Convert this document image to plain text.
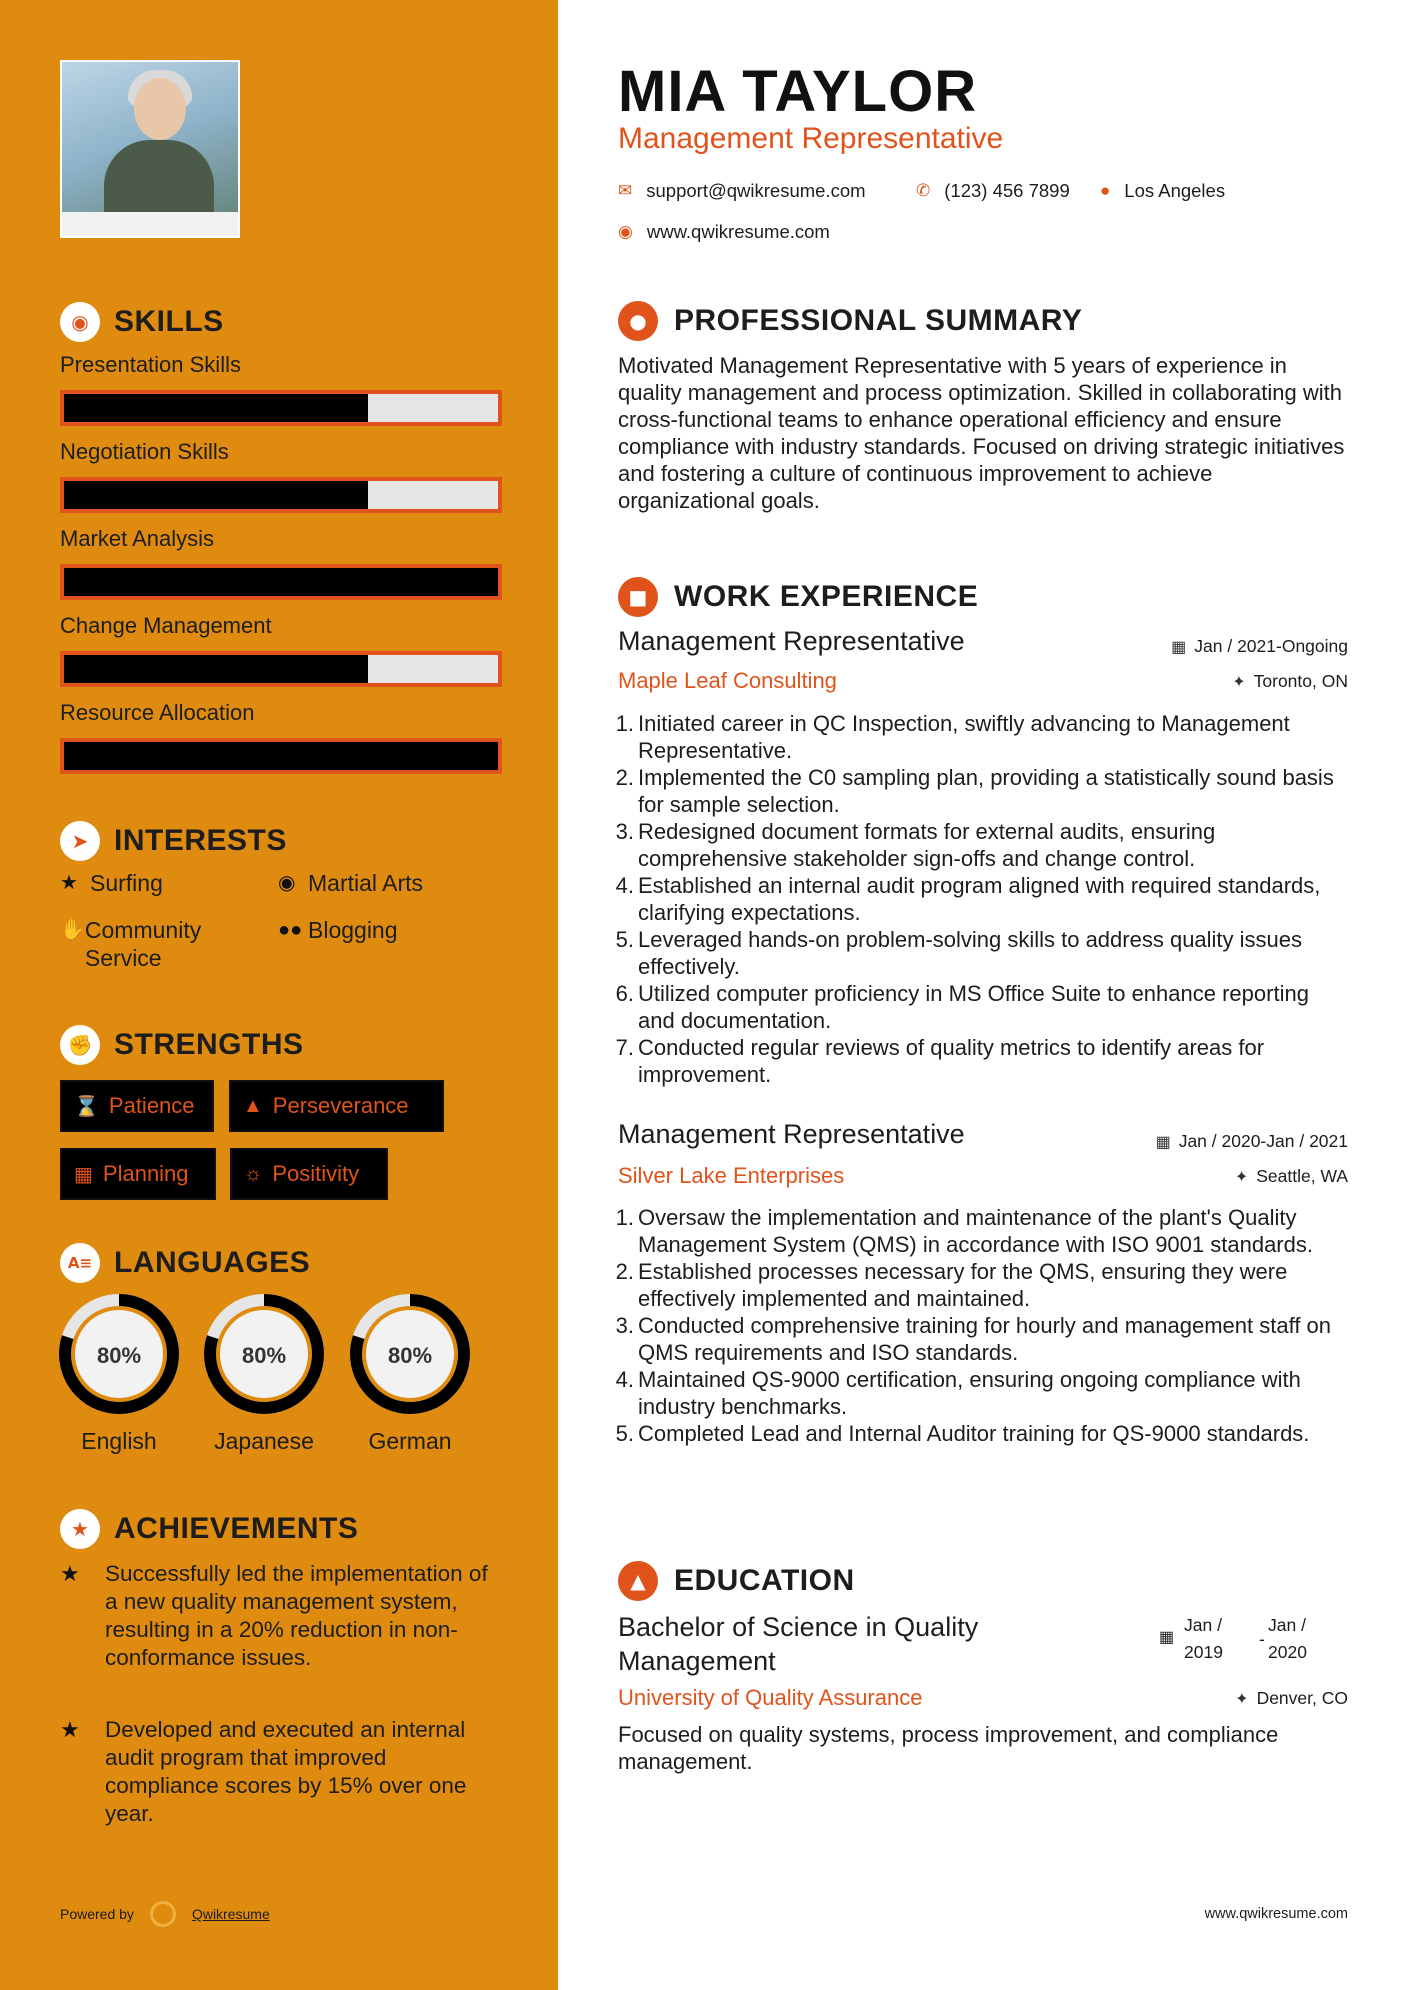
◉ SKILLS
Presentation Skills
Negotiation Skills
Market Analysis
Change Management
Resource Allocation
➤ INTERESTS
★ Surfing	◉ Martial Arts
✋ Community Service
●● Blogging
✊ STRENGTHS
⌛ Patience ▲ Perseverance
▦ Planning	☼ Positivity
A≡ LANGUAGES
80%
English
80%
Japanese
80%
German
★ ACHIEVEMENTS
★	Successfully led the implementation of a new quality management system, resulting in a 20% reduction in non-conformance issues.
★	Developed and executed an internal audit program that improved compliance scores by 15% over one year.
Powered by	Qwikresume
MIA TAYLOR
Management Representative
✉ support@qwikresume.com	✆ (123) 456 7899 ● Los Angeles
◉ www.qwikresume.com
● PROFESSIONAL SUMMARY
Motivated Management Representative with 5 years of experience in quality management and process optimization. Skilled in collaborating with cross-functional teams to enhance operational efficiency and ensure compliance with industry standards. Focused on driving strategic initiatives and fostering a culture of continuous improvement to achieve organizational goals.
■ WORK EXPERIENCE
Management Representative	▦ Jan / 2021-Ongoing
Maple Leaf Consulting	✦ Toronto, ON
1. Initiated career in QC Inspection, swiftly advancing to Management Representative.
2. Implemented the C0 sampling plan, providing a statistically sound basis for sample selection.
3. Redesigned document formats for external audits, ensuring comprehensive stakeholder sign-offs and change control.
4. Established an internal audit program aligned with required standards, clarifying expectations.
5. Leveraged hands-on problem-solving skills to address quality issues effectively.
6. Utilized computer proficiency in MS Office Suite to enhance reporting and documentation.
7. Conducted regular reviews of quality metrics to identify areas for improvement.
Management Representative	▦ Jan / 2020-Jan / 2021
Silver Lake Enterprises	✦ Seattle, WA
1. Oversaw the implementation and maintenance of the plant's Quality Management System (QMS) in accordance with ISO 9001 standards.
2. Established processes necessary for the QMS, ensuring they were effectively implemented and maintained.
3. Conducted comprehensive training for hourly and management staff on QMS requirements and ISO standards.
4. Maintained QS-9000 certification, ensuring ongoing compliance with industry benchmarks.
5. Completed Lead and Internal Auditor training for QS-9000 standards.
▲ EDUCATION
Bachelor of Science in Quality Management
▦
Jan / 2019
-
Jan / 2020
University of Quality Assurance	✦ Denver, CO
Focused on quality systems, process improvement, and compliance management.
www.qwikresume.com
